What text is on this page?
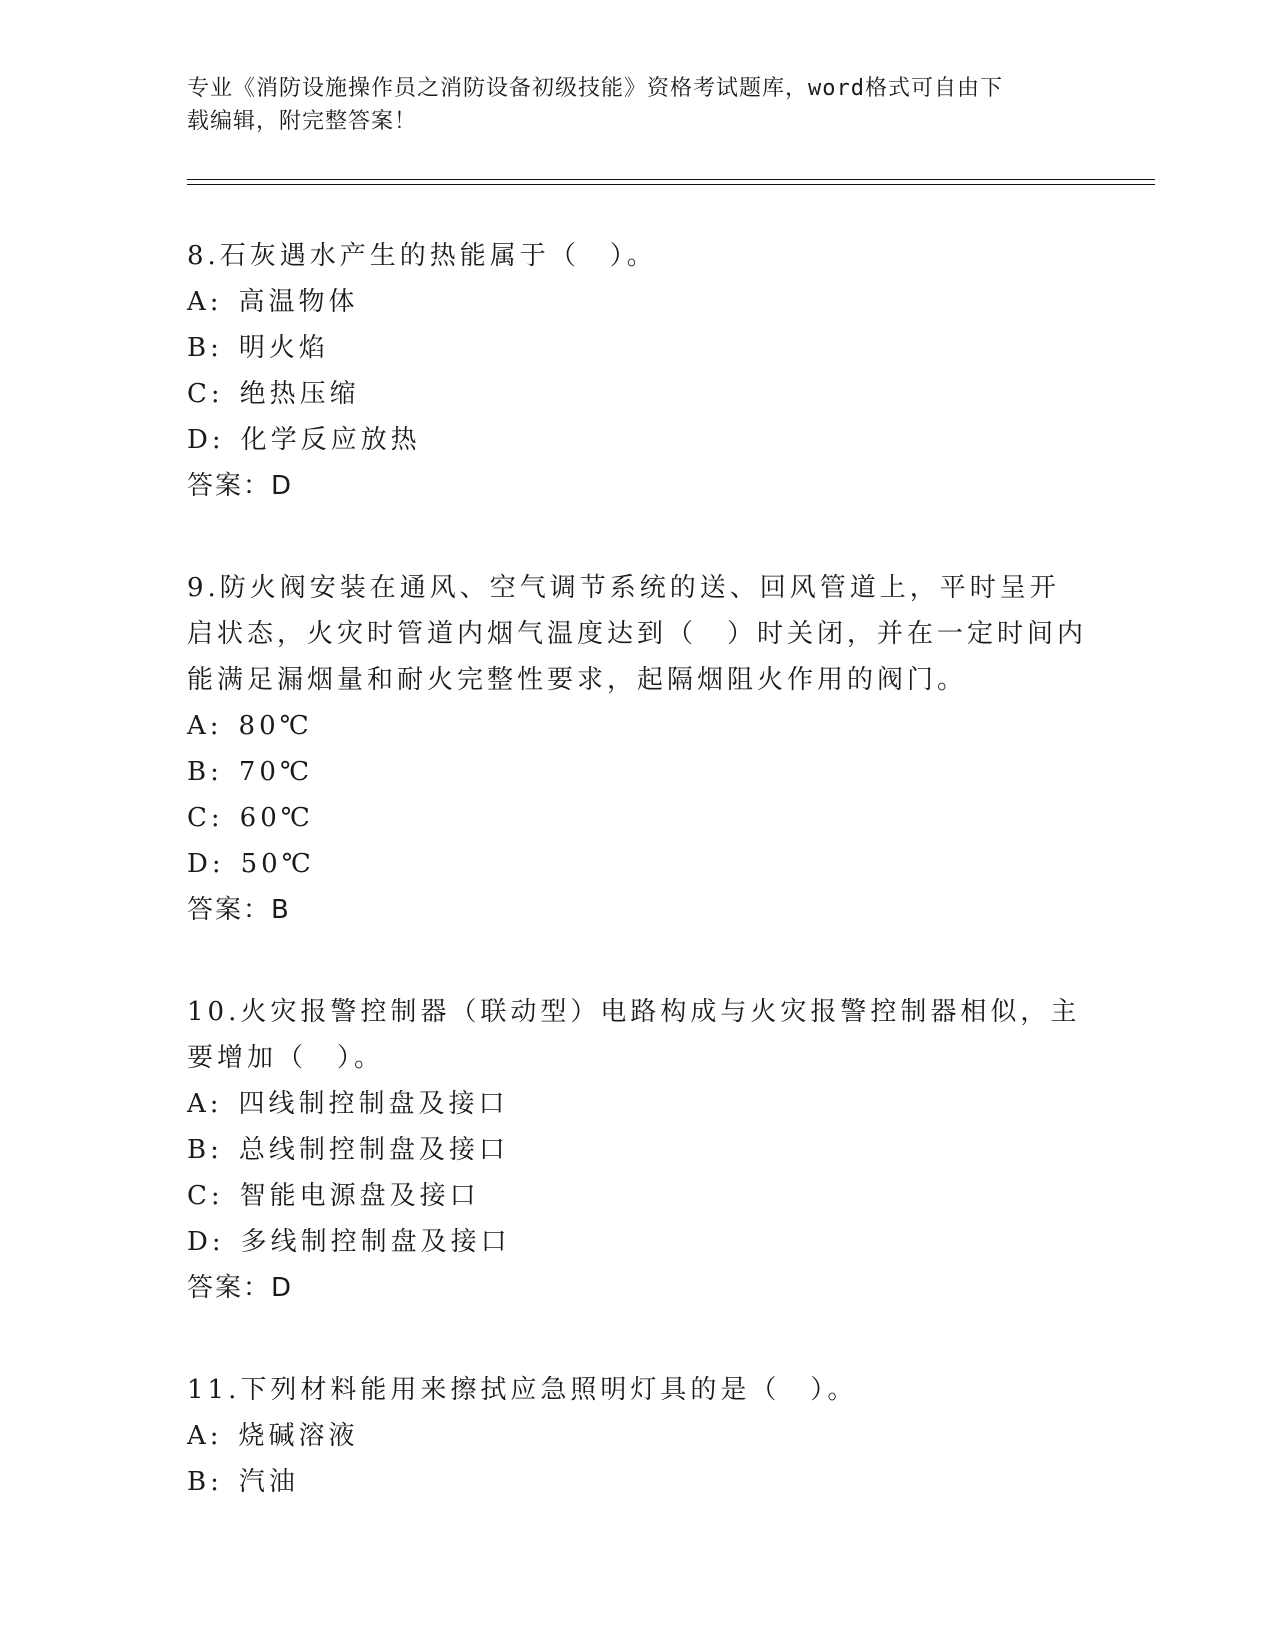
专业《消防设施操作员之消防设备初级技能》资格考试题库，word格式可自由下
载编辑，附完整答案！
8.石灰遇水产生的热能属于（　）。
A: 高温物体
B: 明火焰
C: 绝热压缩
D: 化学反应放热
答案：D
9.防火阀安装在通风、空气调节系统的送、回风管道上，平时呈开启状态，火灾时管道内烟气温度达到（　）时关闭，并在一定时间内能满足漏烟量和耐火完整性要求，起隔烟阻火作用的阀门。
A: 80℃
B: 70℃
C: 60℃
D: 50℃
答案：B
10.火灾报警控制器（联动型）电路构成与火灾报警控制器相似，主要增加（　）。
A: 四线制控制盘及接口
B: 总线制控制盘及接口
C: 智能电源盘及接口
D: 多线制控制盘及接口
答案：D
11.下列材料能用来擦拭应急照明灯具的是（　）。
A: 烧碱溶液
B: 汽油
